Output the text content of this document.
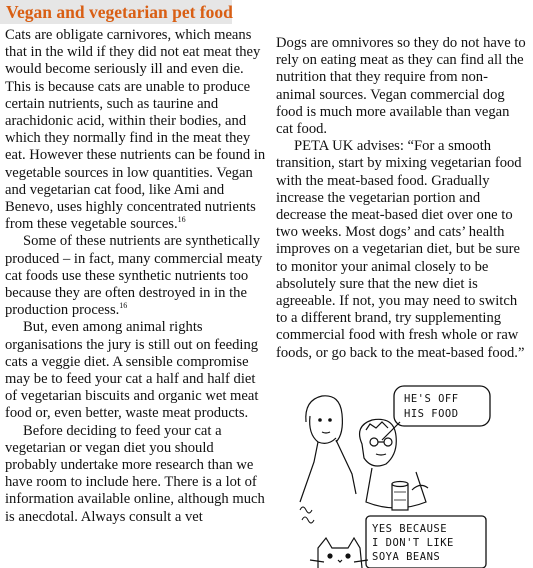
Vegan and vegetarian pet food

Cats are obligate carnivores, which means that in the wild if they did not eat meat they would become seriously ill and even die. This is because cats are unable to produce certain nutrients, such as taurine and arachidonic acid, within their bodies, and which they normally find in the meat they eat. However these nutrients can be found in vegetable sources in low quantities. Vegan and vegetarian cat food, like Ami and Benevo, uses highly concentrated nutrients from these vegetable sources.$^{16}$

Some of these nutrients are synthetically produced – in fact, many commercial meaty cat foods use these synthetic nutrients too because they are often destroyed in in the production process.$^{16}$

But, even among animal rights organisations the jury is still out on feeding cats a veggie diet. A sensible compromise may be to feed your cat a half and half diet of vegetarian biscuits and organic wet meat food or, even better, waste meat products.

Before deciding to feed your cat a vegetarian or vegan diet you should probably undertake more research than we have room to include here. There is a lot of information available online, although much is anecdotal. Always consult a vet

Dogs are omnivores so they do not have to rely on eating meat as they can find all the nutrition that they require from non-animal sources. Vegan commercial dog food is much more available than vegan cat food.

PETA UK advises: “For a smooth transition, start by mixing vegetarian food with the meat-based food. Gradually increase the vegetarian portion and decrease the meat-based diet over one to two weeks. Most dogs’ and cats’ health improves on a vegetarian diet, but be sure to monitor your animal closely to be absolutely sure that the new diet is agreeable. If not, you may need to switch to a different brand, try supplementing commercial food with fresh whole or raw foods, or go back to the meat-based food.”

HE'S OFF
HIS FOOD
YES BECAUSE
I DON'T LIKE
SOYA BEANS
